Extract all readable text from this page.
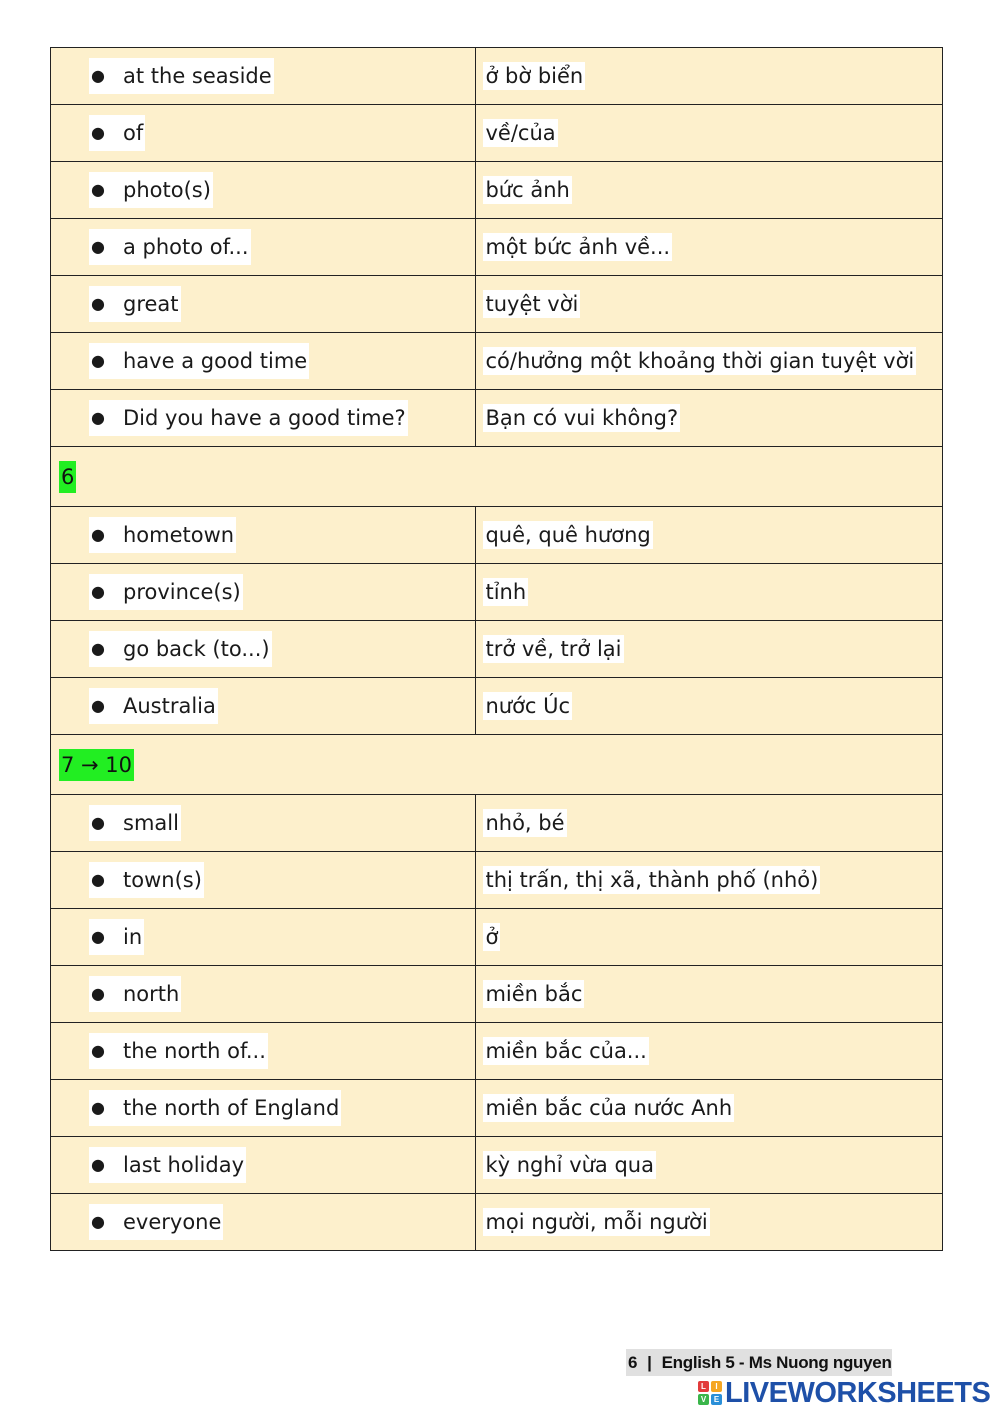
● at the seaside	ở bờ biển
● of	về/của
● photo(s)	bức ảnh
● a photo of...	một bức ảnh về...
● great	tuyệt vời
● have a good time	có/hưởng một khoảng thời gian tuyệt vời
● Did you have a good time?	Bạn có vui không?
6	
● hometown	quê, quê hương
● province(s)	tỉnh
● go back (to...)	trở về, trở lại
● Australia	nước Úc
7 → 10	
● small	nhỏ, bé
● town(s)	thị trấn, thị xã, thành phố (nhỏ)
● in	ở
● north	miền bắc
● the north of...	miền bắc của...
● the north of England	miền bắc của nước Anh
● last holiday	kỳ nghỉ vừa qua
● everyone	mọi người, mỗi người
6 | English 5 - Ms Nuong nguyen
L	I
V E LIVEWORKSHEETS
